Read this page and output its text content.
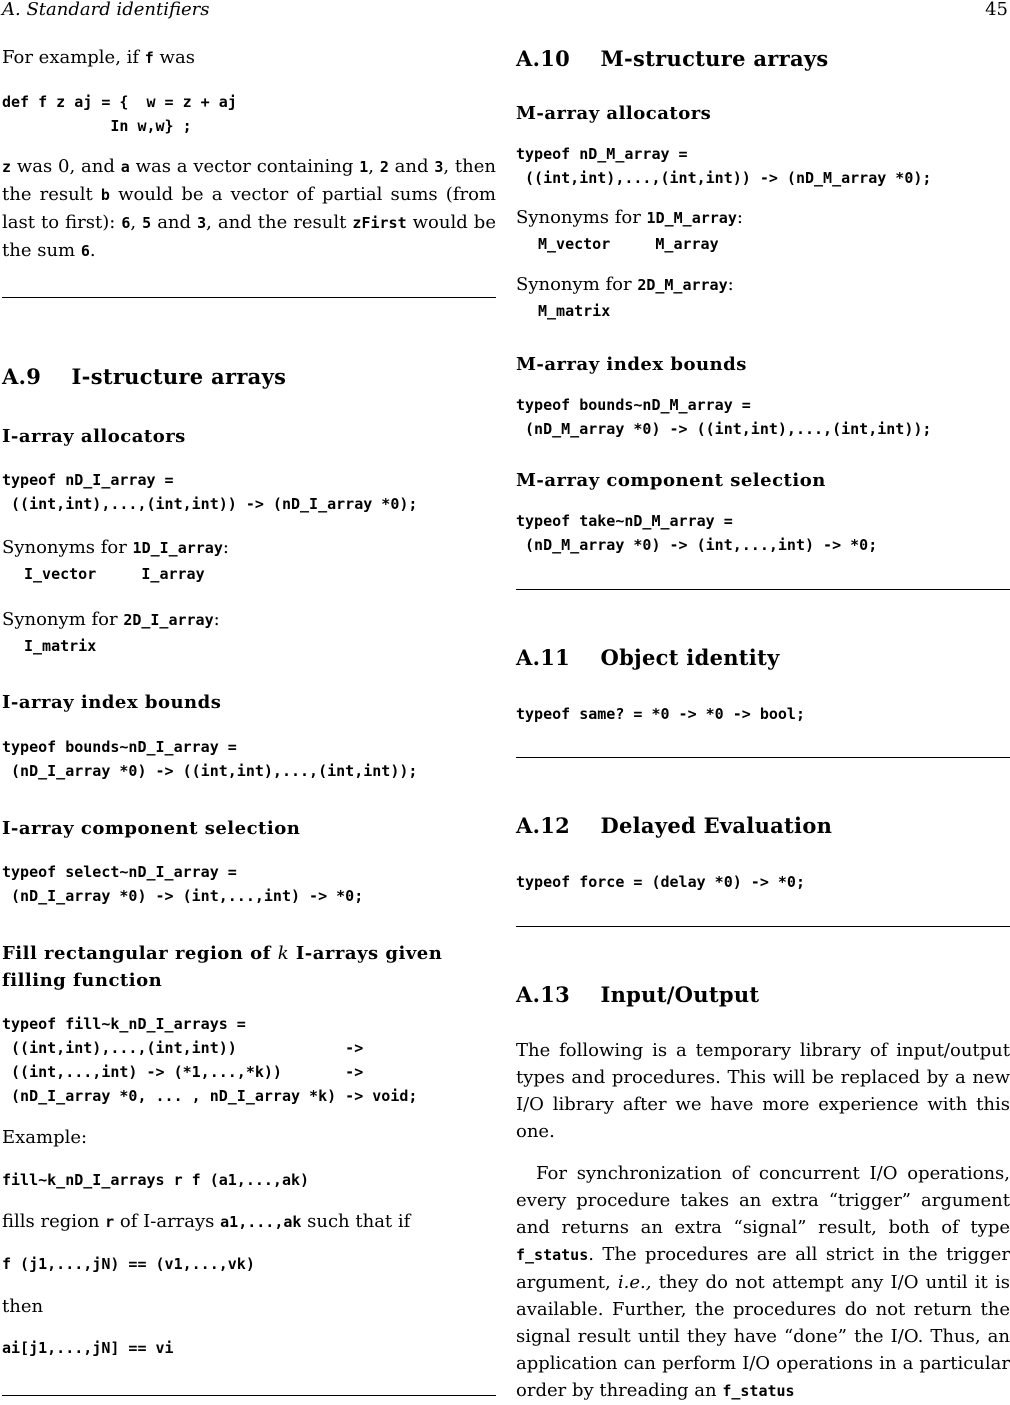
A. Standard identifiers	45

For example, if f was

def f z aj = {  w = z + aj
In w,w} ;

z was 0, and a was a vector containing 1, 2 and 3, then the result b would be a vector of partial sums (from last to first): 6, 5 and 3, and the result zFirst would be the sum 6.

A.9    I-structure arrays
I-array allocators
typeof nD_I_array =
((int,int),...,(int,int)) -> (nD_I_array *0);

Synonyms for 1D_I_array:

I_vector     I_array

Synonym for 2D_I_array:

I_matrix
I-array index bounds
typeof bounds~nD_I_array =
(nD_I_array *0) -> ((int,int),...,(int,int));
I-array component selection
typeof select~nD_I_array =
(nD_I_array *0) -> (int,...,int) -> *0;
Fill rectangular region of k I-arrays given filling function
typeof fill~k_nD_I_arrays =
((int,int),...,(int,int))            ->
((int,...,int) -> (*1,...,*k))       ->
(nD_I_array *0, ... , nD_I_array *k) -> void;

Example:

fill~k_nD_I_arrays r f (a1,...,ak)

fills region r of I-arrays a1,...,ak such that if

f (j1,...,jN) == (v1,...,vk)

then

ai[j1,...,jN] == vi
A.10    M-structure arrays
M-array allocators
typeof nD_M_array =
((int,int),...,(int,int)) -> (nD_M_array *0);

Synonyms for 1D_M_array:

M_vector     M_array

Synonym for 2D_M_array:

M_matrix
M-array index bounds
typeof bounds~nD_M_array =
(nD_M_array *0) -> ((int,int),...,(int,int));
M-array component selection
typeof take~nD_M_array =
(nD_M_array *0) -> (int,...,int) -> *0;
A.11    Object identity
typeof same? = *0 -> *0 -> bool;
A.12    Delayed Evaluation
typeof force = (delay *0) -> *0;
A.13    Input/Output

The following is a temporary library of input/output types and procedures. This will be replaced by a new I/O library after we have more experience with this one.

For synchronization of concurrent I/O operations, every procedure takes an extra “trigger” argument and returns an extra “signal” result, both of type f_status. The procedures are all strict in the trigger argument, i.e., they do not attempt any I/O until it is available. Further, the procedures do not return the signal result until they have “done” the I/O. Thus, an application can perform I/O operations in a particular order by threading an f_status
